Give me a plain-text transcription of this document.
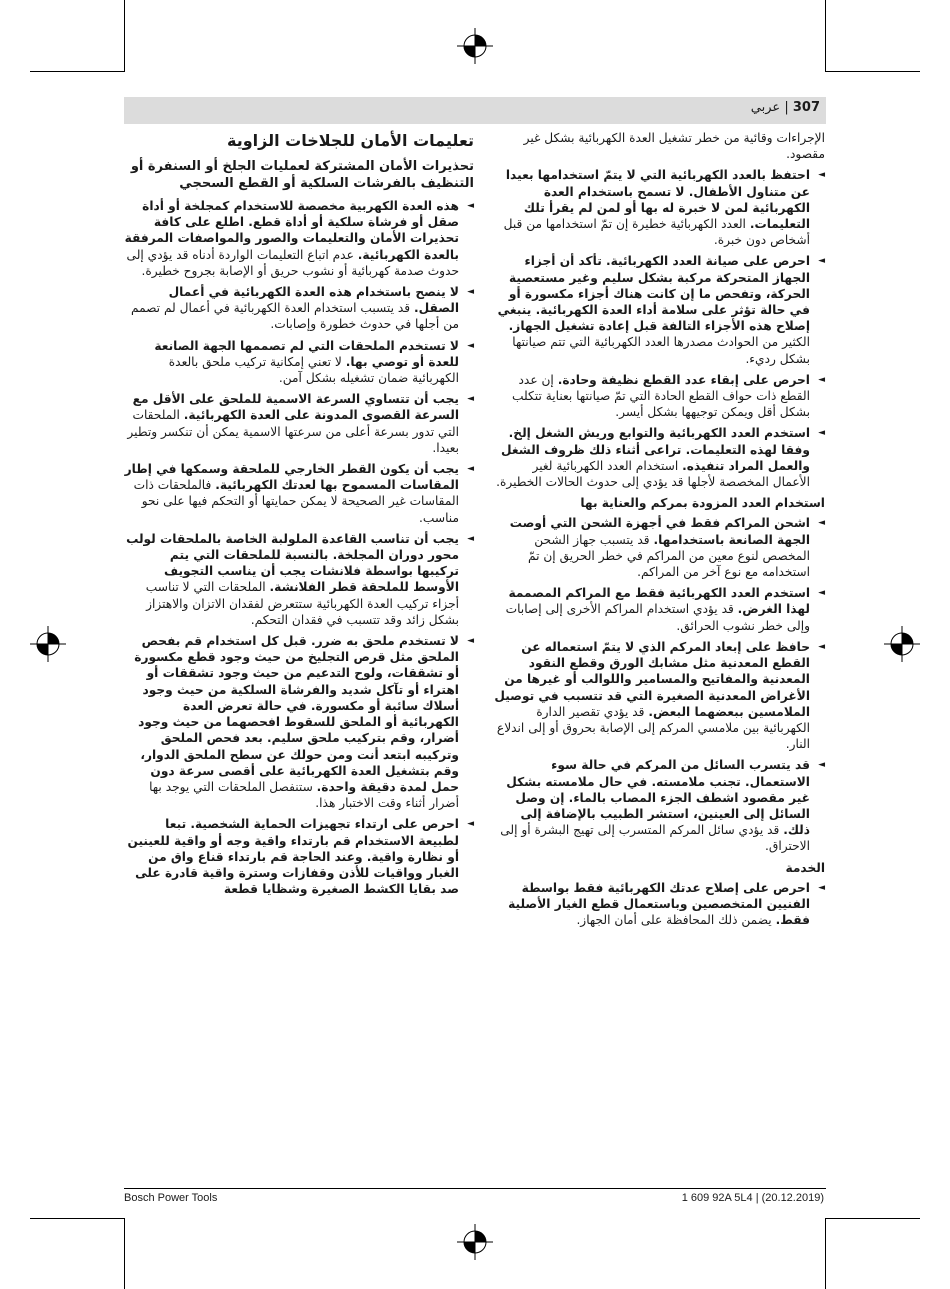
307 | عربي
الإجراءات وقائية من خطر تشغيل العدة الكهربائية بشكل غير مقصود.
◄ احتفظ بالعدد الكهربائية التي لا يتمّ استخدامها بعيدا عن متناول الأطفال. لا تسمح باستخدام العدة الكهربائية لمن لا خبرة له بها أو لمن لم يقرأ تلك التعليمات. العدد الكهربائية خطيرة إن تمّ استخدامها من قبل أشخاص دون خبرة.
◄ احرص على صيانة العدد الكهربائية. تأكد أن أجزاء الجهاز المتحركة مركبة بشكل سليم وغير مستعصية الحركة، وتفحص ما إن كانت هناك أجزاء مكسورة أو في حالة تؤثر على سلامة أداء العدة الكهربائية. ينبغي إصلاح هذه الأجزاء التالفة قبل إعادة تشغيل الجهاز. الكثير من الحوادث مصدرها العدد الكهربائية التي تتم صيانتها بشكل رديء.
◄ احرص على إبقاء عدد القطع نظيفة وحادة. إن عدد القطع ذات حواف القطع الحادة التي تمّ صيانتها بعناية تتكلب بشكل أقل ويمكن توجيهها بشكل أيسر.
◄ استخدم العدد الكهربائية والتوابع وريش الشغل إلخ. وفقا لهذه التعليمات. تراعى أثناء ذلك ظروف الشغل والعمل المراد تنفيذه. استخدام العدد الكهربائية لغير الأعمال المخصصة لأجلها قد يؤدي إلى حدوث الحالات الخطيرة.
استخدام العدد المزودة بمركم والعناية بها
◄ اشحن المراكم فقط في أجهزة الشحن التي أوصت الجهة الصانعة باستخدامها. قد يتسبب جهاز الشحن المخصص لنوع معين من المراكم في خطر الحريق إن تمّ استخدامه مع نوع آخر من المراكم.
◄ استخدم العدد الكهربائية فقط مع المراكم المصممة لهذا الغرض. قد يؤدي استخدام المراكم الأخرى إلى إصابات وإلى خطر نشوب الحرائق.
◄ حافظ على إبعاد المركم الذي لا يتمّ استعماله عن القطع المعدنية مثل مشابك الورق وقطع النقود المعدنية والمفاتيح والمسامير واللوالب أو غيرها من الأغراض المعدنية الصغيرة التي قد تتسبب في توصيل الملامسين ببعضهما البعض. قد يؤدي تقصير الدارة الكهربائية بين ملامسي المركم إلى الإصابة بحروق أو إلى اندلاع النار.
◄ قد يتسرب السائل من المركم في حالة سوء الاستعمال. تجنب ملامسته. في حال ملامسته بشكل غير مقصود اشطف الجزء المصاب بالماء. إن وصل السائل إلى العينين، استشر الطبيب بالإضافة إلى ذلك. قد يؤدي سائل المركم المتسرب إلى تهيج البشرة أو إلى الاحتراق.
الخدمة
◄ احرص على إصلاح عدتك الكهربائية فقط بواسطة الفنيين المتخصصين وباستعمال قطع الغيار الأصلية فقط. يضمن ذلك المحافظة على أمان الجهاز.
تعليمات الأمان للجلاخات الزاوية
تحذيرات الأمان المشتركة لعمليات الجلخ أو السنفرة أو التنظيف بالفرشات السلكية أو القطع السحجي
◄ هذه العدة الكهربية مخصصة للاستخدام كمجلخة أو أداة صقل أو فرشاة سلكية أو أداة قطع. اطلع على كافة تحذيرات الأمان والتعليمات والصور والمواصفات المرفقة بالعدة الكهربائية. عدم اتباع التعليمات الواردة أدناه قد يؤدي إلى حدوث صدمة كهربائية أو نشوب حريق أو الإصابة بجروح خطيرة.
◄ لا ينصح باستخدام هذه العدة الكهربائية في أعمال الصقل. قد يتسبب استخدام العدة الكهربائية في أعمال لم تصمم من أجلها في حدوث خطورة وإصابات.
◄ لا تستخدم الملحقات التي لم تصممها الجهة الصانعة للعدة أو توصي بها. لا تعني إمكانية تركيب ملحق بالعدة الكهربائية ضمان تشغيله بشكل آمن.
◄ يجب أن تتساوي السرعة الاسمية للملحق على الأقل مع السرعة القصوى المدونة على العدة الكهربائية. الملحقات التي تدور بسرعة أعلى من سرعتها الاسمية يمكن أن تنكسر وتطير بعيدا.
◄ يجب أن يكون القطر الخارجي للملحقة وسمكها في إطار المقاسات المسموح بها لعدتك الكهربائية. فالملحقات ذات المقاسات غير الصحيحة لا يمكن حمايتها أو التحكم فيها على نحو مناسب.
◄ يجب أن تناسب القاعدة الملولبة الخاصة بالملحقات لولب محور دوران المجلخة. بالنسبة للملحقات التي يتم تركيبها بواسطة فلانشات يجب أن يناسب التجويف الأوسط للملحقة قطر الفلانشة. الملحقات التي لا تناسب أجزاء تركيب العدة الكهربائية ستتعرض لفقدان الاتزان والاهتزاز بشكل زائد وقد تتسبب في فقدان التحكم.
◄ لا تستخدم ملحق به ضرر. قبل كل استخدام قم بفحص الملحق مثل قرص التجليخ من حيث وجود قطع مكسورة أو تشققات، ولوح التدعيم من حيث وجود تشققات أو اهتراء أو تآكل شديد والفرشاة السلكية من حيث وجود أسلاك سائبة أو مكسورة. في حالة تعرض العدة الكهربائية أو الملحق للسقوط افحصهما من حيث وجود أضرار، وقم بتركيب ملحق سليم. بعد فحص الملحق وتركيبه ابتعد أنت ومن حولك عن سطح الملحق الدوار، وقم بتشغيل العدة الكهربائية على أقصى سرعة دون حمل لمدة دقيقة واحدة. ستنفصل الملحقات التي يوجد بها أضرار أثناء وقت الاختبار هذا.
◄ احرص على ارتداء تجهيزات الحماية الشخصية. تبعا لطبيعة الاستخدام قم بارتداء واقية وجه أو واقية للعينين أو نظارة واقية. وعند الحاجة قم بارتداء قناع واق من الغبار وواقيات للأذن وقفازات وسترة واقية قادرة على صد بقايا الكشط الصغيرة وشظايا قطعة
Bosch Power Tools	1 609 92A 5L4 | (20.12.2019)
